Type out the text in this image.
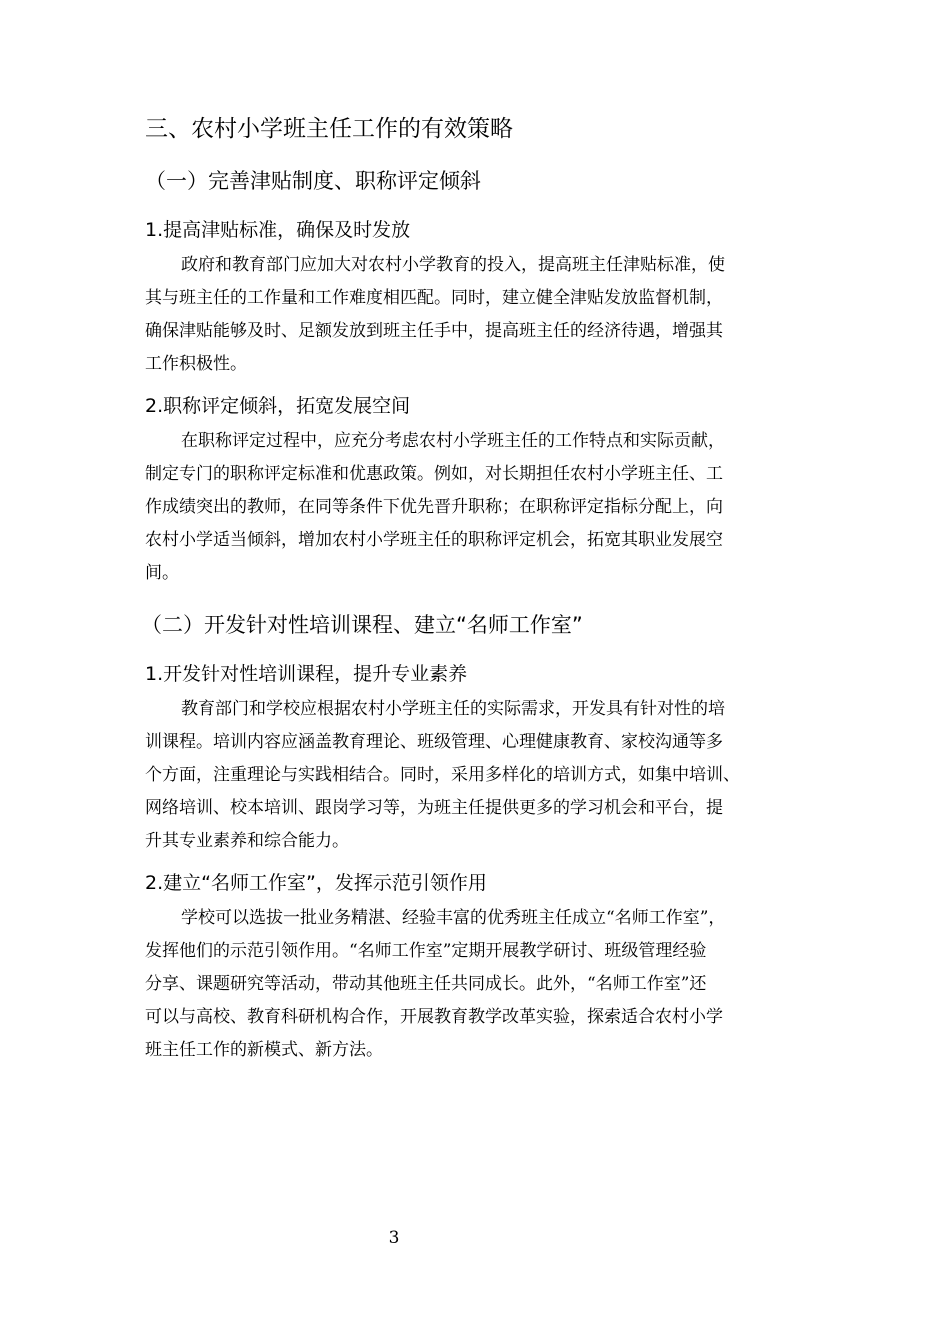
三、农村小学班主任工作的有效策略
（一）完善津贴制度、职称评定倾斜
1.提高津贴标准，确保及时发放
政府和教育部门应加大对农村小学教育的投入，提高班主任津贴标准，使
其与班主任的工作量和工作难度相匹配。同时，建立健全津贴发放监督机制，
确保津贴能够及时、足额发放到班主任手中，提高班主任的经济待遇，增强其
工作积极性。
2.职称评定倾斜，拓宽发展空间
在职称评定过程中，应充分考虑农村小学班主任的工作特点和实际贡献，
制定专门的职称评定标准和优惠政策。例如，对长期担任农村小学班主任、工
作成绩突出的教师，在同等条件下优先晋升职称；在职称评定指标分配上，向
农村小学适当倾斜，增加农村小学班主任的职称评定机会，拓宽其职业发展空
间。
（二）开发针对性培训课程、建立“名师工作室”
1.开发针对性培训课程，提升专业素养
教育部门和学校应根据农村小学班主任的实际需求，开发具有针对性的培
训课程。培训内容应涵盖教育理论、班级管理、心理健康教育、家校沟通等多
个方面，注重理论与实践相结合。同时，采用多样化的培训方式，如集中培训、
网络培训、校本培训、跟岗学习等，为班主任提供更多的学习机会和平台，提
升其专业素养和综合能力。
2.建立“名师工作室”，发挥示范引领作用
学校可以选拔一批业务精湛、经验丰富的优秀班主任成立“名师工作室”，
发挥他们的示范引领作用。“名师工作室”定期开展教学研讨、班级管理经验
分享、课题研究等活动，带动其他班主任共同成长。此外，“名师工作室”还
可以与高校、教育科研机构合作，开展教育教学改革实验，探索适合农村小学
班主任工作的新模式、新方法。
3
